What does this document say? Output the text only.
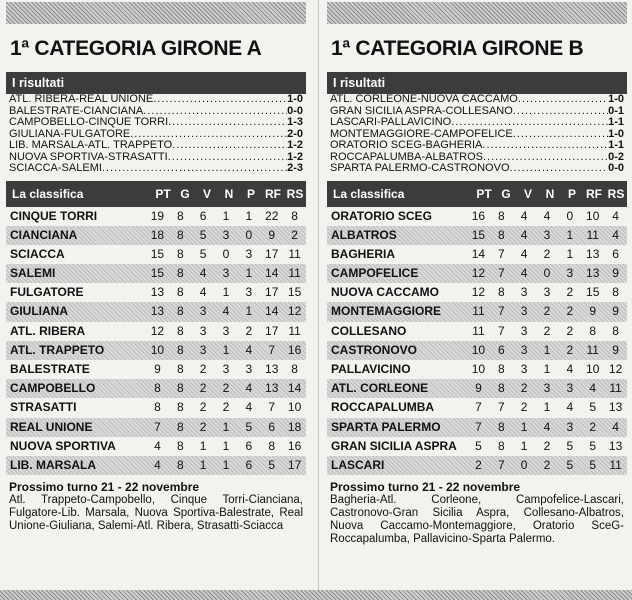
1ª CATEGORIA GIRONE A
I risultati
ATL. RIBERA-REAL UNIONE .....	1-0
BALESTRATE-CIANCIANA .....	0-0
CAMPOBELLO-CINQUE TORRI .....	1-3
GIULIANA-FULGATORE .....	2-0
LIB. MARSALA-ATL. TRAPPETO .....	1-2
NUOVA SPORTIVA-STRASATTI .....	1-2
SCIACCA-SALEMI .....	2-3
La classifica	PT G	V	N	P RF RS
CINQUE TORRI	19	8	6	1	1	22	8
CIANCIANA	18	8	5	3	0	9	2
SCIACCA	15	8	5	0	3	17 11
SALEMI	15	8	4	3	1	14 11
FULGATORE	13	8	4	1	3	17 15
GIULIANA	13	8	3	4	1	14 12
ATL. RIBERA	12	8	3	3	2	17 11
ATL. TRAPPETO	10	8	3	1	4	7	16
BALESTRATE	9	8	2	3	3	13	8
CAMPOBELLO	8	8	2	2	4	13 14
STRASATTI	8	8	2	2	4	7	10
REAL UNIONE	7	8	2	1	5	6	18
NUOVA SPORTIVA	4	8	1	1	6	8	16
LIB. MARSALA	4	8	1	1	6	5	17
Prossimo turno 21 - 22 novembre
Atl. Trappeto-Campobello, Cinque Torri-Cianciana, Fulgatore-Lib. Marsala, Nuova Sportiva-Balestrate, Real Unione-Giuliana, Salemi-Atl. Ribera, Strasatti-Sciacca
1ª CATEGORIA GIRONE B
I risultati
ATL. CORLEONE-NUOVA CACCAMO .....	1-0
GRAN SICILIA ASPRA-COLLESANO .....	0-1
LASCARI-PALLAVICINO .....	1-1
MONTEMAGGIORE-CAMPOFELICE .....	1-0
ORATORIO SCEG-BAGHERIA .....	1-1
ROCCAPALUMBA-ALBATROS .....	0-2
SPARTA PALERMO-CASTRONOVO .....	0-0
La classifica	PT G	V	N	P RF RS
ORATORIO SCEG	16	8	4	4	0	10	4
ALBATROS	15	8	4	3	1	11	4
BAGHERIA	14	7	4	2	1	13	6
CAMPOFELICE	12	7	4	0	3	13	9
NUOVA CACCAMO	12	8	3	3	2	15	8
MONTEMAGGIORE	11	7	3	2	2	9	9
COLLESANO	11	7	3	2	2	8	8
CASTRONOVO	10	6	3	1	2	11	9
PALLAVICINO	10	8	3	1	4	10 12
ATL. CORLEONE	9	8	2	3	3	4	11
ROCCAPALUMBA	7	7	2	1	4	5	13
SPARTA PALERMO	7	8	1	4	3	2	4
GRAN SICILIA ASPRA	5	8	1	2	5	5	13
LASCARI	2	7	0	2	5	5	11
Prossimo turno 21 - 22 novembre
Bagheria-Atl. Corleone, Campofelice-Lascari, Castronovo-Gran Sicilia Aspra, Collesano-Albatros, Nuova Caccamo-Montemaggiore, Oratorio SceG-Roccapalumba, Pallavicino-Sparta Palermo.
